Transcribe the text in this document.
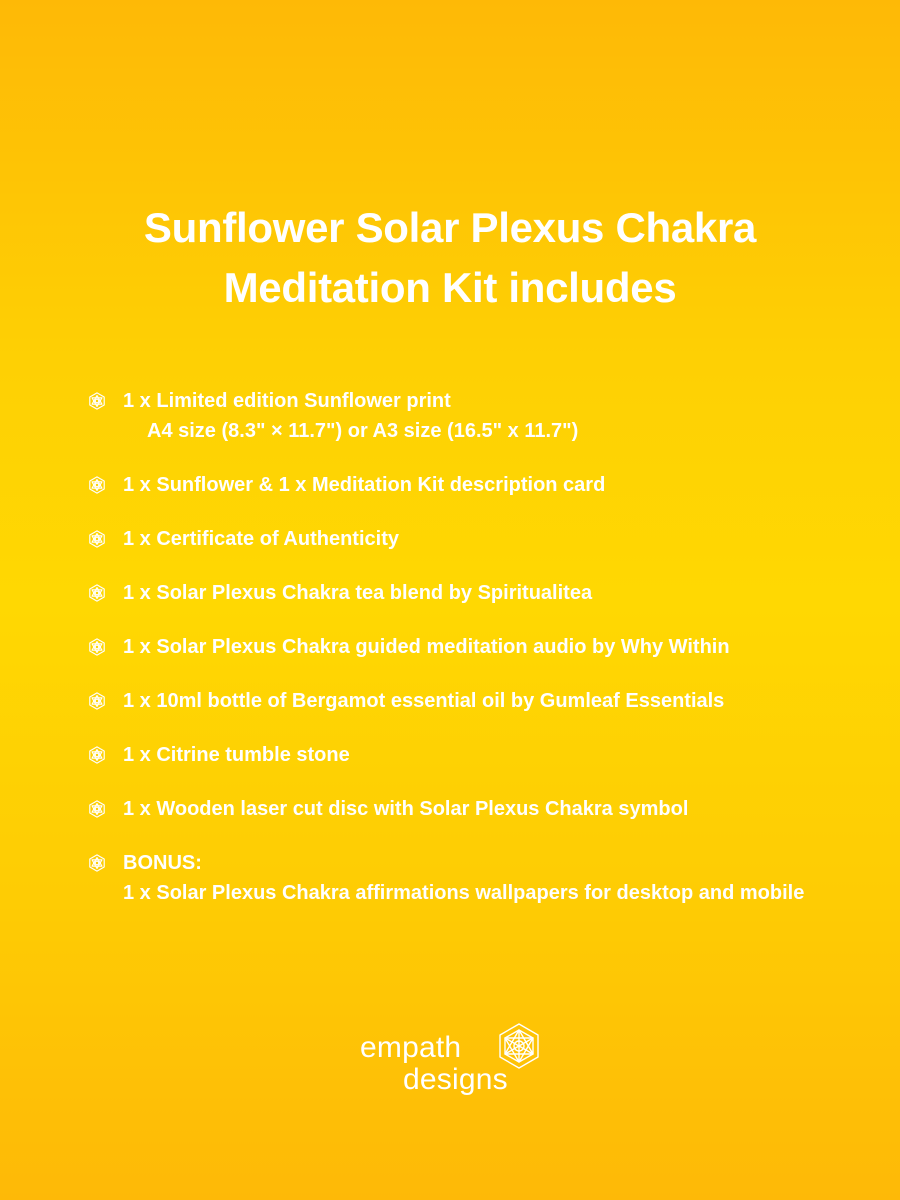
Sunflower Solar Plexus Chakra
Meditation Kit includes
1 x Limited edition Sunflower print
A4 size (8.3" × 11.7") or A3 size (16.5" x 11.7")
1 x Sunflower & 1 x Meditation Kit description card
1 x Certificate of Authenticity
1 x Solar Plexus Chakra tea blend by Spiritualitea
1 x Solar Plexus Chakra guided meditation audio by Why Within
1 x 10ml bottle of Bergamot essential oil by Gumleaf Essentials
1 x Citrine tumble stone
1 x Wooden laser cut disc with Solar Plexus Chakra symbol
BONUS:
1 x Solar Plexus Chakra affirmations wallpapers for desktop and mobile
empath
designs
